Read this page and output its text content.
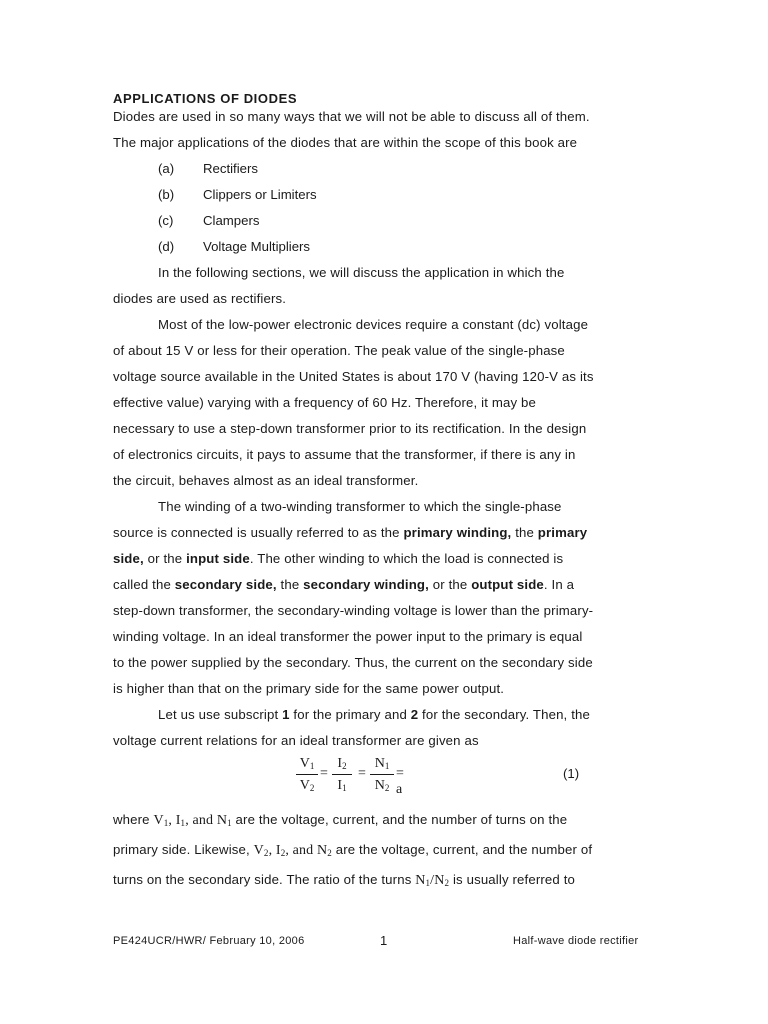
APPLICATIONS OF DIODES
Diodes are used in so many ways that we will not be able to discuss all of them.
The major applications of the diodes that are within the scope of this book are
(a) Rectifiers
(b) Clippers or Limiters
(c) Clampers
(d) Voltage Multipliers
In the following sections, we will discuss the application in which the
diodes are used as rectifiers.
Most of the low-power electronic devices require a constant (dc) voltage
of about 15 V or less for their operation. The peak value of the single-phase
voltage source available in the United States is about 170 V (having 120-V as its
effective value) varying with a frequency of 60 Hz. Therefore, it may be
necessary to use a step-down transformer prior to its rectification. In the design
of electronics circuits, it pays to assume that the transformer, if there is any in
the circuit, behaves almost as an ideal transformer.
The winding of a two-winding transformer to which the single-phase
source is connected is usually referred to as the primary winding, the primary
side, or the input side. The other winding to which the load is connected is
called the secondary side, the secondary winding, or the output side. In a
step-down transformer, the secondary-winding voltage is lower than the primary-
winding voltage. In an ideal transformer the power input to the primary is equal
to the power supplied by the secondary. Thus, the current on the secondary side
is higher than that on the primary side for the same power output.
Let us use subscript 1 for the primary and 2 for the secondary. Then, the
voltage current relations for an ideal transformer are given as
$V_1$
$V_2$
=
$I_2$
$I_1$
=
$N_1$
$N_2$
= a
(1)
where $V_1$, $I_1$, and $N_1$ are the voltage, current, and the number of turns on the
primary side. Likewise, $V_2$, $I_2$, and $N_2$ are the voltage, current, and the number of
turns on the secondary side. The ratio of the turns $N_1/N_2$ is usually referred to
PE424UCR/HWR/ February 10, 2006	1	Half-wave diode rectifier
